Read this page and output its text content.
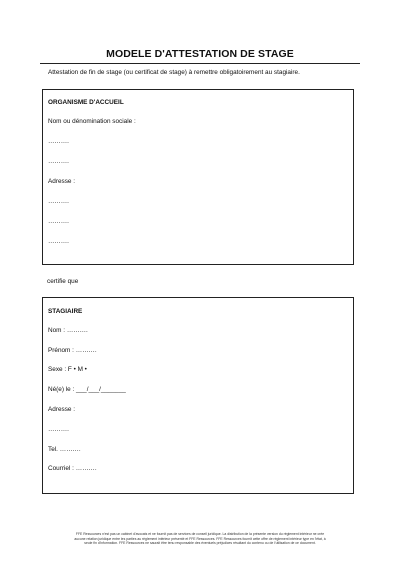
MODELE D'ATTESTATION DE STAGE
Attestation de fin de stage (ou certificat de stage) à remettre obligatoirement au stagiaire.
ORGANISME D'ACCUEIL
Nom ou dénomination sociale :
……….
……….
Adresse :
……….
……….
……….
certifie que
STAGIAIRE
Nom : ……….
Prénom : ……….
Sexe : F • M •
Né(e) le : ___/___/_______
Adresse :
……….
Tel. ……….
Courriel : ……….
FFE Ressources n'est pas un cabinet d'avocats et ne fournit pas de services de conseil juridique. La distribution de la présente version du règlement intérieur ne crée
aucune relation juridique entre les parties au règlement intérieur présenté et FFE Ressources. FFE Ressources fournit cette offre de règlement intérieur type en l'état, à
seule fin d'information. FFE Ressources ne saurait être tenu responsable des éventuels préjudices résultant du contenu ou de l'utilisation de ce document.
